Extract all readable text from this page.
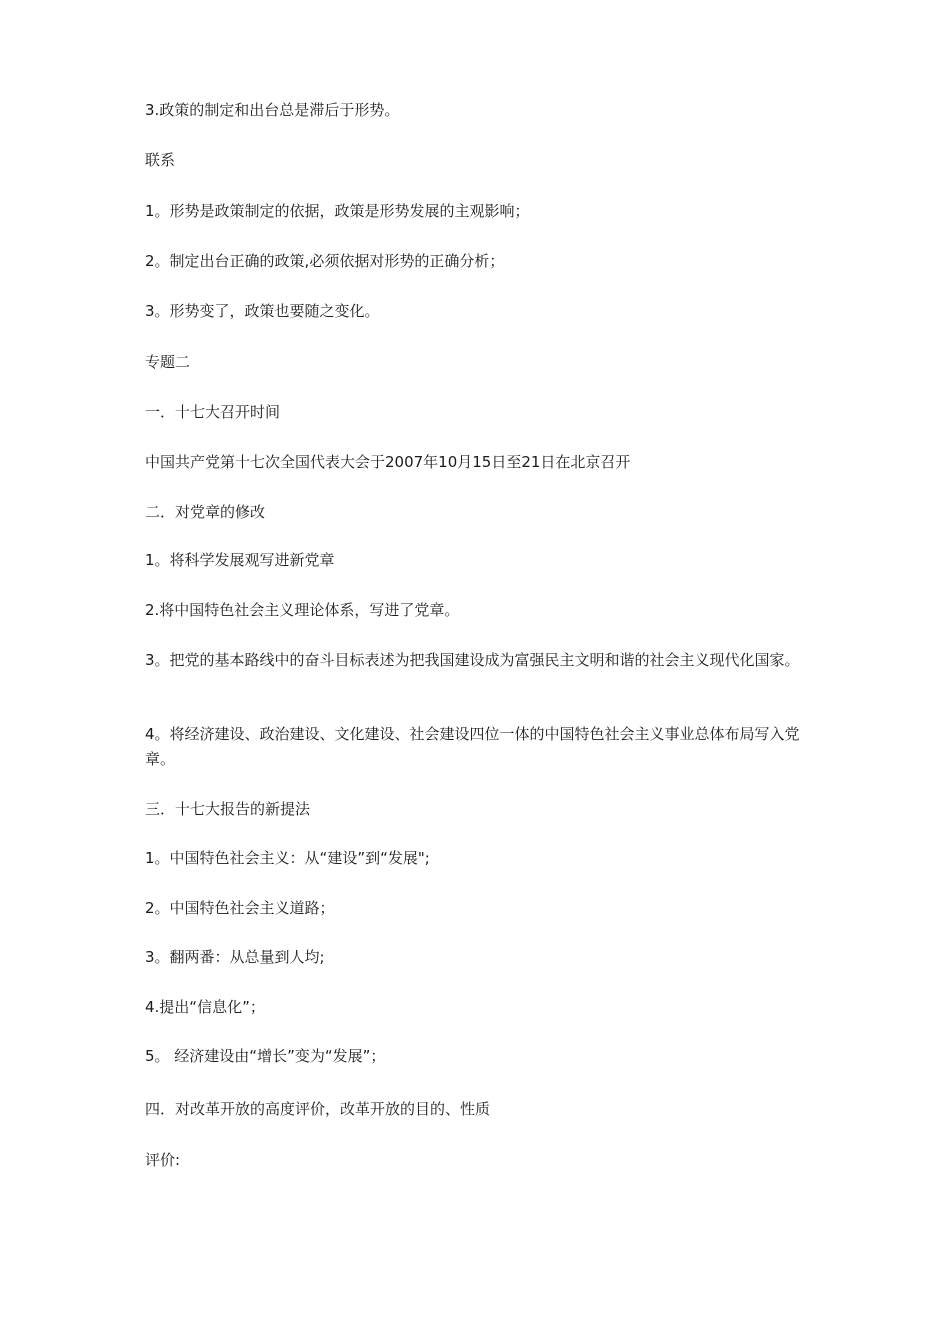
3.政策的制定和出台总是滞后于形势。
联系
1。形势是政策制定的依据，政策是形势发展的主观影响；
2。制定出台正确的政策,必须依据对形势的正确分析；
3。形势变了，政策也要随之变化。
专题二
一．十七大召开时间
中国共产党第十七次全国代表大会于2007年10月15日至21日在北京召开
二．对党章的修改
1。将科学发展观写进新党章
2.将中国特色社会主义理论体系，写进了党章。
3。把党的基本路线中的奋斗目标表述为把我国建设成为富强民主文明和谐的社会主义现代化国家。
4。将经济建设、政治建设、文化建设、社会建设四位一体的中国特色社会主义事业总体布局写入党章。
三．十七大报告的新提法
1。中国特色社会主义：从“建设”到“发展";
2。中国特色社会主义道路；
3。翻两番：从总量到人均;
4.提出“信息化”；
5。 经济建设由“增长”变为“发展”；
四．对改革开放的高度评价，改革开放的目的、性质
评价:
